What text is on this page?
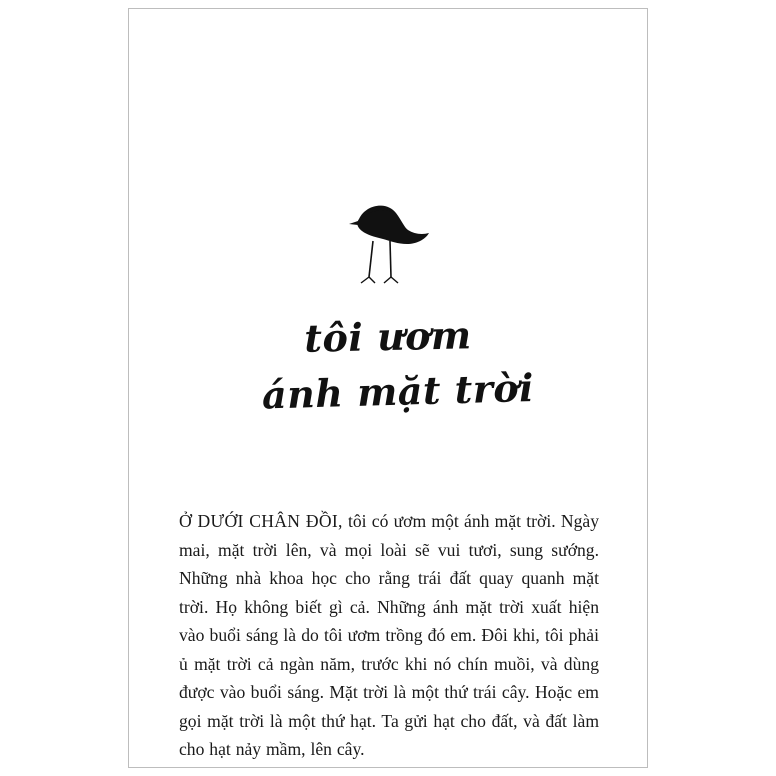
tôi ươm
ánh mặt trời

Ở DƯỚI CHÂN ĐỒI, tôi có ươm một ánh mặt trời. Ngày mai, mặt trời lên, và mọi loài sẽ vui tươi, sung sướng. Những nhà khoa học cho rằng trái đất quay quanh mặt trời. Họ không biết gì cả. Những ánh mặt trời xuất hiện vào buổi sáng là do tôi ươm trồng đó em. Đôi khi, tôi phải ủ mặt trời cả ngàn năm, trước khi nó chín muồi, và dùng được vào buổi sáng. Mặt trời là một thứ trái cây. Hoặc em gọi mặt trời là một thứ hạt. Ta gửi hạt cho đất, và đất làm cho hạt nảy mầm, lên cây.
